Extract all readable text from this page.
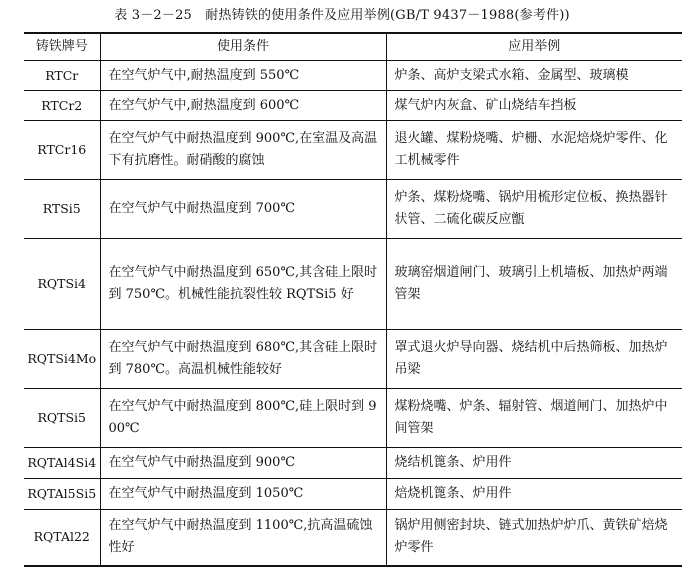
表 3－2－25　耐热铸铁的使用条件及应用举例(GB/T 9437－1988(参考件))
铸铁牌号	使用条件	应用举例
RTCr	在空气炉气中,耐热温度到 550℃	炉条、高炉支梁式水箱、金属型、玻璃模
RTCr2	在空气炉气中,耐热温度到 600℃	煤气炉内灰盒、矿山烧结车挡板
RTCr16	在空气炉气中耐热温度到 900℃,在室温及高温下有抗磨性。耐硝酸的腐蚀	退火罐、煤粉烧嘴、炉栅、水泥焙烧炉零件、化工机械零件
RTSi5	在空气炉气中耐热温度到 700℃	炉条、煤粉烧嘴、锅炉用梳形定位板、换热器针状管、二硫化碳反应甑
RQTSi4	在空气炉气中耐热温度到 650℃,其含硅上限时到 750℃。机械性能抗裂性较 RQTSi5 好	玻璃窑烟道闸门、玻璃引上机墙板、加热炉两端管架
RQTSi4Mo	在空气炉气中耐热温度到 680℃,其含硅上限时到 780℃。高温机械性能较好	罩式退火炉导向器、烧结机中后热筛板、加热炉吊梁
RQTSi5	在空气炉气中耐热温度到 800℃,硅上限时到 900℃	煤粉烧嘴、炉条、辐射管、烟道闸门、加热炉中间管架
RQTAl4Si4	在空气炉气中耐热温度到 900℃	烧结机篦条、炉用件
RQTAl5Si5	在空气炉气中耐热温度到 1050℃	焙烧机篦条、炉用件
RQTAl22	在空气炉气中耐热温度到 1100℃,抗高温硫蚀性好	锅炉用侧密封块、链式加热炉炉爪、黄铁矿焙烧炉零件
